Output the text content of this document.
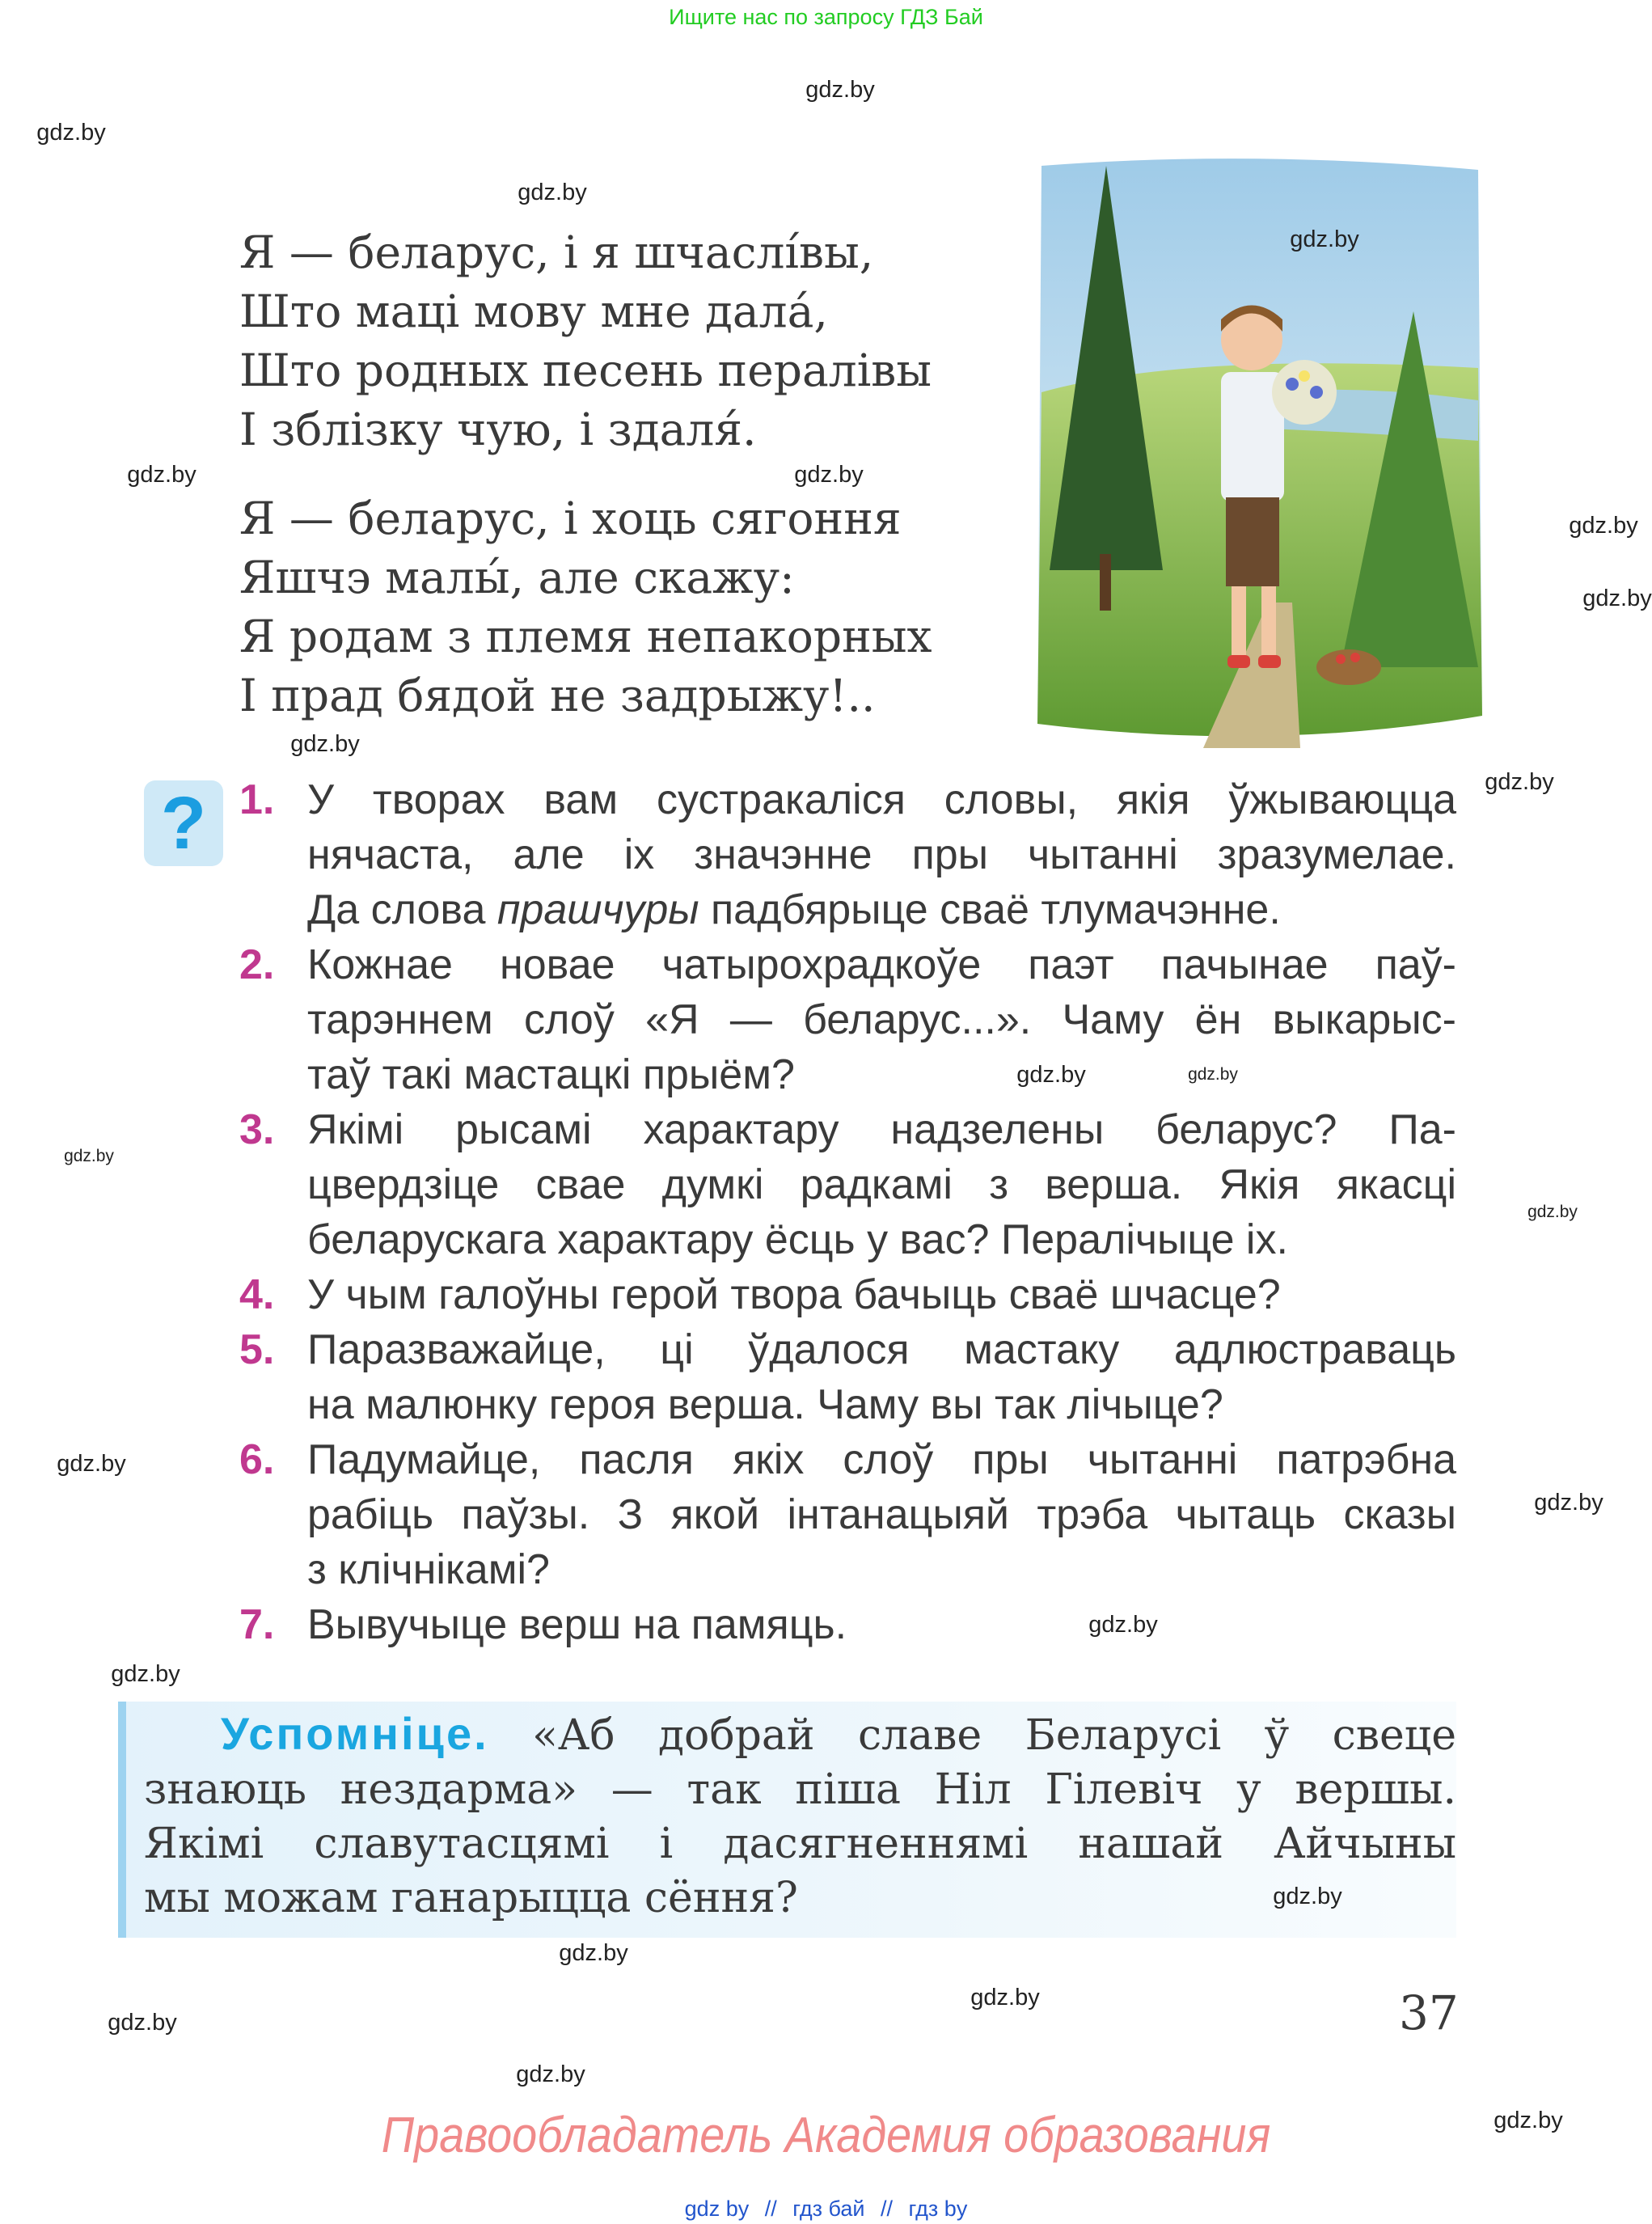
Ищите нас по запросу ГДЗ Бай
Я — беларус, і я шчаслі́вы,
Што маці мову мне дала́,
Што родных песень пералівы
І зблізку чую, і здаля́.
Я — беларус, і хоць сягоння
Яшчэ малы́, але скажу:
Я родам з племя непакорных
І прад бядой не задрыжу!..
? 1. У творах вам сустракаліся словы, якія ўжываюцца
нячаста, але іх значэнне пры чытанні зразумелае.
Да слова прашчуры падбярыце сваё тлумачэнне.
2. Кожнае новае чатырохрадкоўе паэт пачынае паў-
тарэннем слоў «Я — беларус...». Чаму ён выкарыс-
таў такі мастацкі прыём?
3. Якімі рысамі характару надзелены беларус? Па-
цвердзіце свае думкі радкамі з верша. Якія якасці
беларускага характару ёсць у вас? Пералічыце іх.
4. У чым галоўны герой твора бачыць сваё шчасце?
5. Паразважайце, ці ўдалося мастаку адлюстраваць
на малюнку героя верша. Чаму вы так лічыце?
6. Падумайце, пасля якіх слоў пры чытанні патрэбна
рабіць паўзы. З якой інтанацыяй трэба чытаць сказы
з клічнікамі?
7. Вывучыце верш на памяць.
Успомніце. «Аб добрай славе Беларусі ў свеце
знаюць нездарма» — так піша Ніл Гілевіч у вершы.
Якімі славутасцямі і дасягненнямі нашай Айчыны
мы можам ганарыцца сёння?
37
Правообладатель Академия образования
gdz by // гдз бай // гдз by
gdz.by
gdz.by
gdz.by
gdz.by
gdz.by
gdz.by
gdz.by
gdz.by
gdz.by
gdz.by
gdz.by	gdz.by
gdz.by
gdz.by
gdz.by
gdz.by
gdz.by
gdz.by
gdz.by
gdz.by
gdz.by
gdz.by
gdz.by
gdz.by
